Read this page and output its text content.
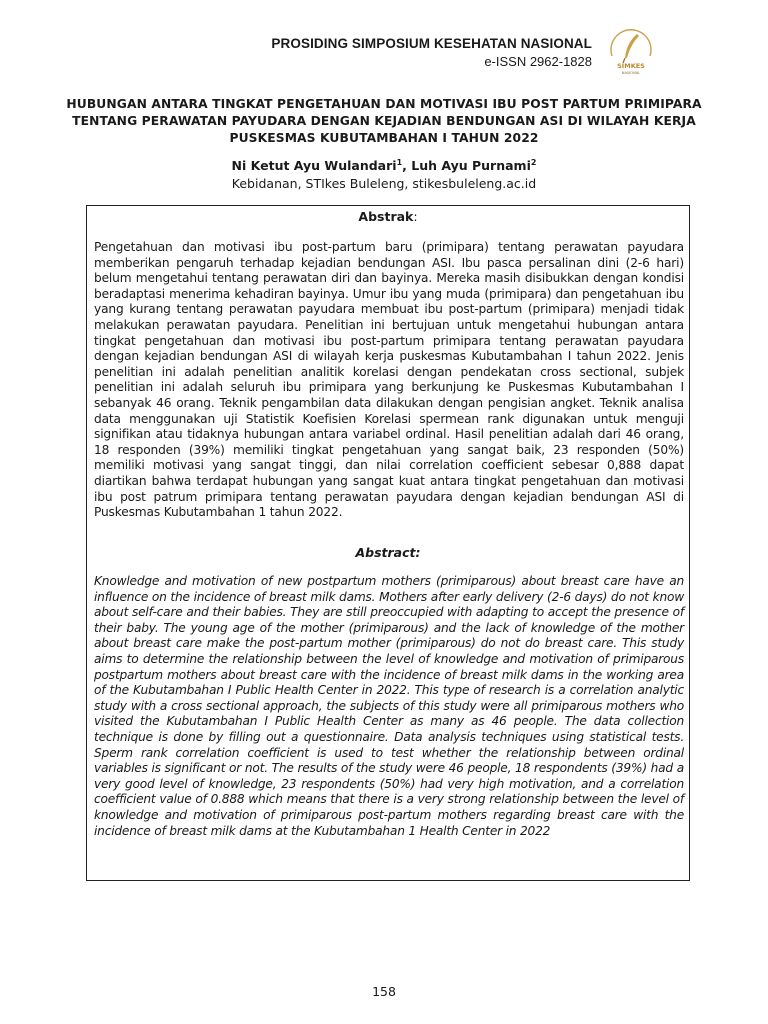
PROSIDING SIMPOSIUM KESEHATAN NASIONAL
e-ISSN 2962-1828	SIMKES
NASIONAL
HUBUNGAN ANTARA TINGKAT PENGETAHUAN DAN MOTIVASI IBU POST PARTUM PRIMIPARA TENTANG PERAWATAN PAYUDARA DENGAN KEJADIAN BENDUNGAN ASI DI WILAYAH KERJA PUSKESMAS KUBUTAMBAHAN I TAHUN 2022
Ni Ketut Ayu Wulandari$^1$, Luh Ayu Purnami$^2$
Kebidanan, STIkes Buleleng, stikesbuleleng.ac.id
Abstrak:

Pengetahuan dan motivasi ibu post-partum baru (primipara) tentang perawatan payudara memberikan pengaruh terhadap kejadian bendungan ASI. Ibu pasca persalinan dini (2-6 hari) belum mengetahui tentang perawatan diri dan bayinya. Mereka masih disibukkan dengan kondisi beradaptasi menerima kehadiran bayinya. Umur ibu yang muda (primipara) dan pengetahuan ibu yang kurang tentang perawatan payudara membuat ibu post-partum (primipara) menjadi tidak melakukan perawatan payudara. Penelitian ini bertujuan untuk mengetahui hubungan antara tingkat pengetahuan dan motivasi ibu post-partum primipara tentang perawatan payudara dengan kejadian bendungan ASI di wilayah kerja puskesmas Kubutambahan I tahun 2022. Jenis penelitian ini adalah penelitian analitik korelasi dengan pendekatan cross sectional, subjek penelitian ini adalah seluruh ibu primipara yang berkunjung ke Puskesmas Kubutambahan I sebanyak 46 orang. Teknik pengambilan data dilakukan dengan pengisian angket. Teknik analisa data menggunakan uji Statistik Koefisien Korelasi spermean rank digunakan untuk menguji signifikan atau tidaknya hubungan antara variabel ordinal. Hasil penelitian adalah dari 46 orang, 18 responden (39%) memiliki tingkat pengetahuan yang sangat baik, 23 responden (50%) memiliki motivasi yang sangat tinggi, dan nilai correlation coefficient sebesar 0,888 dapat diartikan bahwa terdapat hubungan yang sangat kuat antara tingkat pengetahuan dan motivasi ibu post patrum primipara tentang perawatan payudara dengan kejadian bendungan ASI di Puskesmas Kubutambahan 1 tahun 2022.

Abstract:

Knowledge and motivation of new postpartum mothers (primiparous) about breast care have an influence on the incidence of breast milk dams. Mothers after early delivery (2-6 days) do not know about self-care and their babies. They are still preoccupied with adapting to accept the presence of their baby. The young age of the mother (primiparous) and the lack of knowledge of the mother about breast care make the post-partum mother (primiparous) do not do breast care. This study aims to determine the relationship between the level of knowledge and motivation of primiparous postpartum mothers about breast care with the incidence of breast milk dams in the working area of the Kubutambahan I Public Health Center in 2022. This type of research is a correlation analytic study with a cross sectional approach, the subjects of this study were all primiparous mothers who visited the Kubutambahan I Public Health Center as many as 46 people. The data collection technique is done by filling out a questionnaire. Data analysis techniques using statistical tests. Sperm rank correlation coefficient is used to test whether the relationship between ordinal variables is significant or not. The results of the study were 46 people, 18 respondents (39%) had a very good level of knowledge, 23 respondents (50%) had very high motivation, and a correlation coefficient value of 0.888 which means that there is a very strong relationship between the level of knowledge and motivation of primiparous post-partum mothers regarding breast care with the incidence of breast milk dams at the Kubutambahan 1 Health Center in 2022

158
